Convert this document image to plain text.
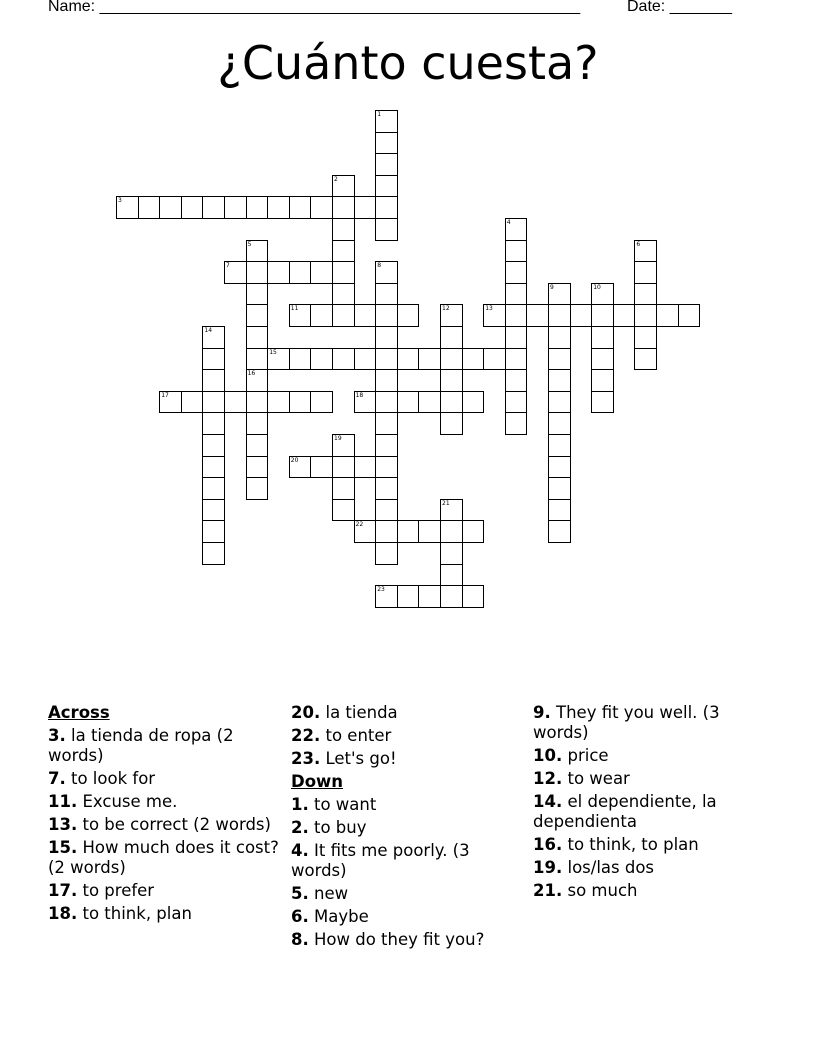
Name: ______________________________________________________	Date: _______
¿Cuánto cuesta?
1
2
3
4
5
16
6
7	8
9	10
11	12	13
14
15
17	18
19
20
21
22
23
Across
3. la tienda de ropa (2 words)
7. to look for
11. Excuse me.
13. to be correct (2 words)
15. How much does it cost? (2 words)
17. to prefer
18. to think, plan
20. la tienda
22. to enter
23. Let's go!
Down
1. to want
2. to buy
4. It fits me poorly. (3 words)
5. new
6. Maybe
8. How do they fit you?
9. They fit you well. (3 words)
10. price
12. to wear
14. el dependiente, la dependienta
16. to think, to plan
19. los/las dos
21. so much
